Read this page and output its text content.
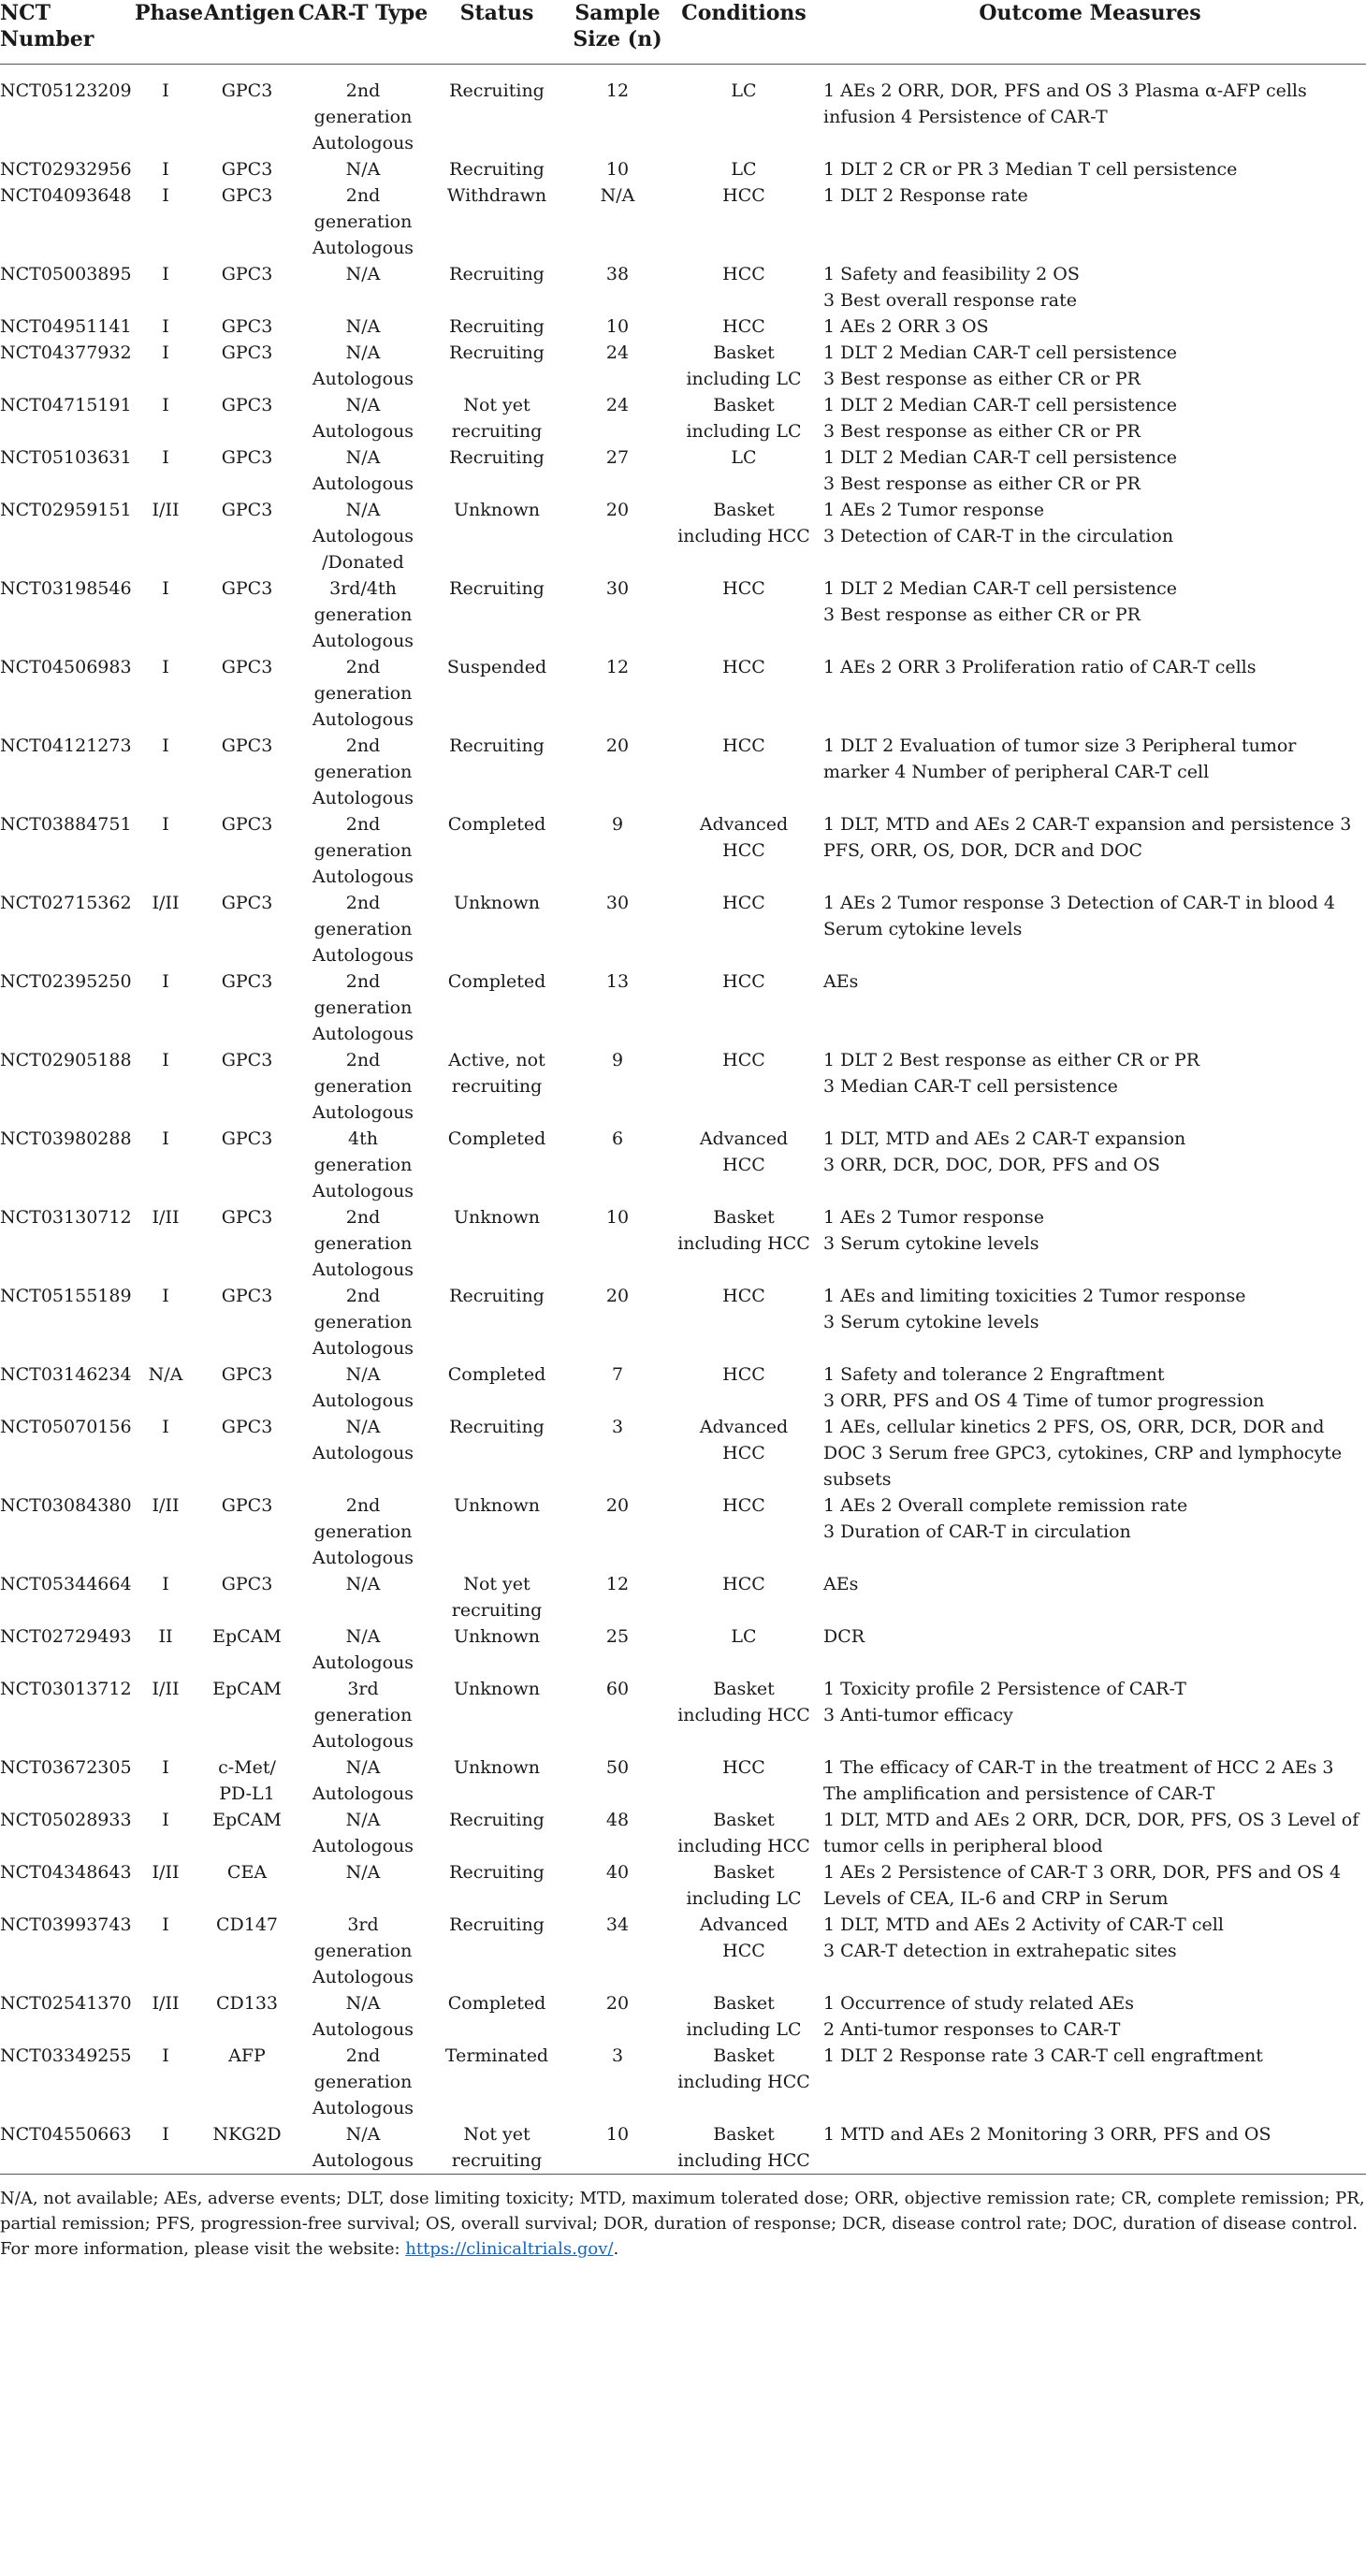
NCT Number	Phase	Antigen	CAR-T Type	Status	Sample Size (n)	Conditions	Outcome Measures
NCT05123209	I	GPC3	2nd generation Autologous	Recruiting	12	LC	1 AEs 2 ORR, DOR, PFS and OS 3 Plasma α-AFP cells infusion 4 Persistence of CAR-T
NCT02932956	I	GPC3	N/A	Recruiting	10	LC	1 DLT 2 CR or PR 3 Median T cell persistence
NCT04093648	I	GPC3	2nd generation Autologous	Withdrawn	N/A	HCC	1 DLT 2 Response rate
NCT05003895	I	GPC3	N/A	Recruiting	38	HCC	1 Safety and feasibility 2 OS
3 Best overall response rate
NCT04951141	I	GPC3	N/A	Recruiting	10	HCC	1 AEs 2 ORR 3 OS
NCT04377932	I	GPC3	N/A Autologous	Recruiting	24	Basket including LC	1 DLT 2 Median CAR-T cell persistence
3 Best response as either CR or PR
NCT04715191	I	GPC3	N/A Autologous	Not yet recruiting	24	Basket including LC	1 DLT 2 Median CAR-T cell persistence
3 Best response as either CR or PR
NCT05103631	I	GPC3	N/A Autologous	Recruiting	27	LC	1 DLT 2 Median CAR-T cell persistence
3 Best response as either CR or PR
NCT02959151	I/II	GPC3	N/A Autologous /Donated	Unknown	20	Basket including HCC	1 AEs 2 Tumor response
3 Detection of CAR-T in the circulation
NCT03198546	I	GPC3	3rd/4th generation Autologous	Recruiting	30	HCC	1 DLT 2 Median CAR-T cell persistence
3 Best response as either CR or PR
NCT04506983	I	GPC3	2nd generation Autologous	Suspended	12	HCC	1 AEs 2 ORR 3 Proliferation ratio of CAR-T cells
NCT04121273	I	GPC3	2nd generation Autologous	Recruiting	20	HCC	1 DLT 2 Evaluation of tumor size 3 Peripheral tumor marker 4 Number of peripheral CAR-T cell
NCT03884751	I	GPC3	2nd generation Autologous	Completed	9	Advanced HCC	1 DLT, MTD and AEs 2 CAR-T expansion and persistence 3 PFS, ORR, OS, DOR, DCR and DOC
NCT02715362	I/II	GPC3	2nd generation Autologous	Unknown	30	HCC	1 AEs 2 Tumor response 3 Detection of CAR-T in blood 4 Serum cytokine levels
NCT02395250	I	GPC3	2nd generation Autologous	Completed	13	HCC	AEs
NCT02905188	I	GPC3	2nd generation Autologous	Active, not recruiting	9	HCC	1 DLT 2 Best response as either CR or PR
3 Median CAR-T cell persistence
NCT03980288	I	GPC3	4th generation Autologous	Completed	6	Advanced HCC	1 DLT, MTD and AEs 2 CAR-T expansion
3 ORR, DCR, DOC, DOR, PFS and OS
NCT03130712	I/II	GPC3	2nd generation Autologous	Unknown	10	Basket including HCC	1 AEs 2 Tumor response
3 Serum cytokine levels
NCT05155189	I	GPC3	2nd generation Autologous	Recruiting	20	HCC	1 AEs and limiting toxicities 2 Tumor response
3 Serum cytokine levels
NCT03146234	N/A	GPC3	N/A Autologous	Completed	7	HCC	1 Safety and tolerance 2 Engraftment
3 ORR, PFS and OS 4 Time of tumor progression
NCT05070156	I	GPC3	N/A Autologous	Recruiting	3	Advanced HCC	1 AEs, cellular kinetics 2 PFS, OS, ORR, DCR, DOR and DOC 3 Serum free GPC3, cytokines, CRP and lymphocyte subsets
NCT03084380	I/II	GPC3	2nd generation Autologous	Unknown	20	HCC	1 AEs 2 Overall complete remission rate
3 Duration of CAR-T in circulation
NCT05344664	I	GPC3	N/A	Not yet recruiting	12	HCC	AEs
NCT02729493	II	EpCAM	N/A Autologous	Unknown	25	LC	DCR
NCT03013712	I/II	EpCAM	3rd generation Autologous	Unknown	60	Basket including HCC	1 Toxicity profile 2 Persistence of CAR-T
3 Anti-tumor efficacy
NCT03672305	I	c-Met/ PD-L1	N/A Autologous	Unknown	50	HCC	1 The efficacy of CAR-T in the treatment of HCC 2 AEs 3 The amplification and persistence of CAR-T
NCT05028933	I	EpCAM	N/A Autologous	Recruiting	48	Basket including HCC	1 DLT, MTD and AEs 2 ORR, DCR, DOR, PFS, OS 3 Level of tumor cells in peripheral blood
NCT04348643	I/II	CEA	N/A	Recruiting	40	Basket including LC	1 AEs 2 Persistence of CAR-T 3 ORR, DOR, PFS and OS 4 Levels of CEA, IL-6 and CRP in Serum
NCT03993743	I	CD147	3rd generation Autologous	Recruiting	34	Advanced HCC	1 DLT, MTD and AEs 2 Activity of CAR-T cell
3 CAR-T detection in extrahepatic sites
NCT02541370	I/II	CD133	N/A Autologous	Completed	20	Basket including LC	1 Occurrence of study related AEs
2 Anti-tumor responses to CAR-T
NCT03349255	I	AFP	2nd generation Autologous	Terminated	3	Basket including HCC	1 DLT 2 Response rate 3 CAR-T cell engraftment
NCT04550663	I	NKG2D	N/A Autologous	Not yet recruiting	10	Basket including HCC	1 MTD and AEs 2 Monitoring 3 ORR, PFS and OS
N/A, not available; AEs, adverse events; DLT, dose limiting toxicity; MTD, maximum tolerated dose; ORR, objective remission rate; CR, complete remission; PR, partial remission; PFS, progression-free survival; OS, overall survival; DOR, duration of response; DCR, disease control rate; DOC, duration of disease control. For more information, please visit the website: https://clinicaltrials.gov/.
